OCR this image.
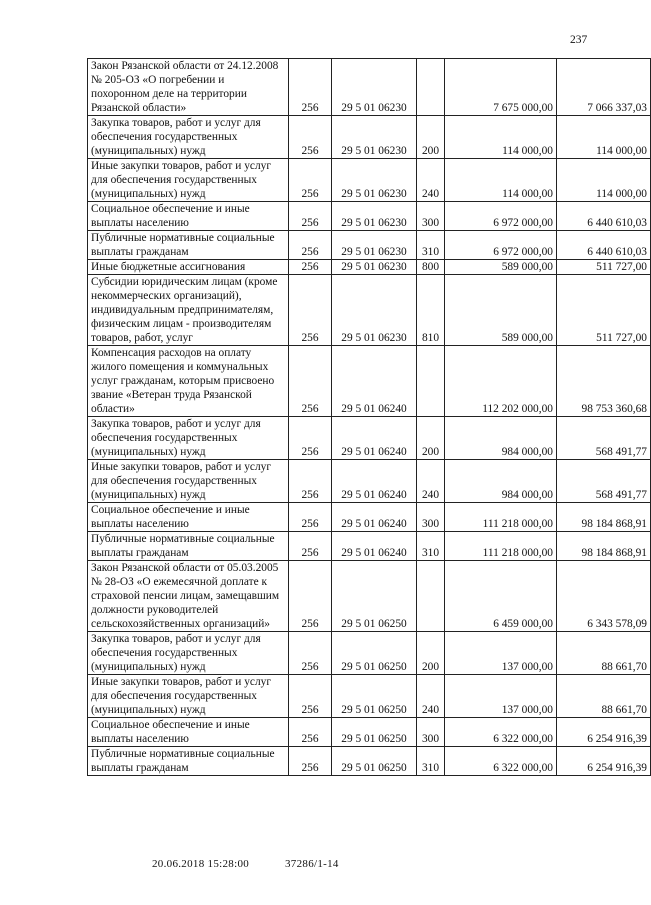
237
Закон Рязанской области от 24.12.2008 № 205-ОЗ «О погребении и похоронном деле на территории Рязанской области»	256	29 5 01 06230		7 675 000,00	7 066 337,03
Закупка товаров, работ и услуг для обеспечения государственных (муниципальных) нужд	256	29 5 01 06230	200	114 000,00	114 000,00
Иные закупки товаров, работ и услуг для обеспечения государственных (муниципальных) нужд	256	29 5 01 06230	240	114 000,00	114 000,00
Социальное обеспечение и иные выплаты населению	256	29 5 01 06230	300	6 972 000,00	6 440 610,03
Публичные нормативные социальные выплаты гражданам	256	29 5 01 06230	310	6 972 000,00	6 440 610,03
Иные бюджетные ассигнования	256	29 5 01 06230	800	589 000,00	511 727,00
Субсидии юридическим лицам (кроме некоммерческих организаций), индивидуальным предпринимателям, физическим лицам - производителям товаров, работ, услуг	256	29 5 01 06230	810	589 000,00	511 727,00
Компенсация расходов на оплату жилого помещения и коммунальных услуг гражданам, которым присвоено звание «Ветеран труда Рязанской области»	256	29 5 01 06240		112 202 000,00	98 753 360,68
Закупка товаров, работ и услуг для обеспечения государственных (муниципальных) нужд	256	29 5 01 06240	200	984 000,00	568 491,77
Иные закупки товаров, работ и услуг для обеспечения государственных (муниципальных) нужд	256	29 5 01 06240	240	984 000,00	568 491,77
Социальное обеспечение и иные выплаты населению	256	29 5 01 06240	300	111 218 000,00	98 184 868,91
Публичные нормативные социальные выплаты гражданам	256	29 5 01 06240	310	111 218 000,00	98 184 868,91
Закон Рязанской области от 05.03.2005 № 28-ОЗ «О ежемесячной доплате к страховой пенсии лицам, замещавшим должности руководителей сельскохозяйственных организаций»	256	29 5 01 06250		6 459 000,00	6 343 578,09
Закупка товаров, работ и услуг для обеспечения государственных (муниципальных) нужд	256	29 5 01 06250	200	137 000,00	88 661,70
Иные закупки товаров, работ и услуг для обеспечения государственных (муниципальных) нужд	256	29 5 01 06250	240	137 000,00	88 661,70
Социальное обеспечение и иные выплаты населению	256	29 5 01 06250	300	6 322 000,00	6 254 916,39
Публичные нормативные социальные выплаты гражданам	256	29 5 01 06250	310	6 322 000,00	6 254 916,39
20.06.2018 15:28:00	37286/1-14
